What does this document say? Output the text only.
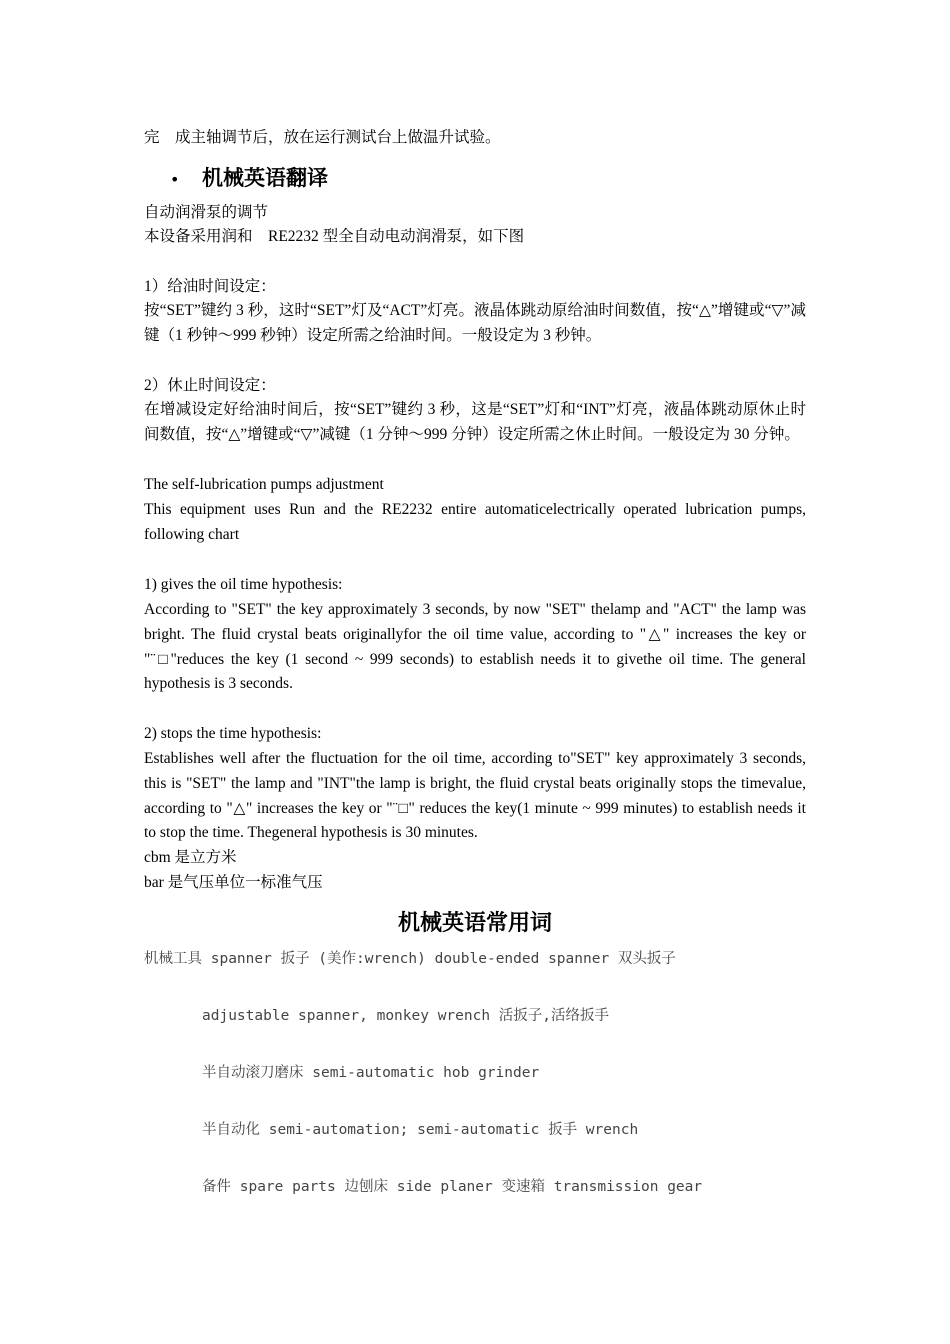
完　成主轴调节后，放在运行测试台上做温升试验。
• 机械英语翻译
自动润滑泵的调节
本设备采用润和　RE2232 型全自动电动润滑泵，如下图
1）给油时间设定：
按“SET”键约 3 秒，这时“SET”灯及“ACT”灯亮。液晶体跳动原给油时间数值，按“△”增键或“▽”减键（1 秒钟～999 秒钟）设定所需之给油时间。一般设定为 3 秒钟。
2）休止时间设定：
在增减设定好给油时间后，按“SET”键约 3 秒，这是“SET”灯和“INT”灯亮，液晶体跳动原休止时间数值，按“△”增键或“▽”减键（1 分钟～999 分钟）设定所需之休止时间。一般设定为 30 分钟。
The self-lubrication pumps adjustment
This equipment uses Run and the RE2232 entire automaticelectrically operated lubrication pumps, following chart
1) gives the oil time hypothesis:
According to "SET" the key approximately 3 seconds, by now "SET" thelamp and "ACT" the lamp was bright. The fluid crystal beats originallyfor the oil time value, according to "△" increases the key or "¨□"reduces the key (1 second ~ 999 seconds) to establish needs it to givethe oil time. The general hypothesis is 3 seconds.
2) stops the time hypothesis:
Establishes well after the fluctuation for the oil time, according to"SET" key approximately 3 seconds, this is "SET" the lamp and "INT"the lamp is bright, the fluid crystal beats originally stops the timevalue, according to "△" increases the key or "¨□" reduces the key(1 minute ~ 999 minutes) to establish needs it to stop the time. Thegeneral hypothesis is 30 minutes.
cbm 是立方米
bar 是气压单位一标准气压
机械英语常用词
机械工具 spanner 扳子 (美作:wrench) double-ended spanner 双头扳子
adjustable spanner, monkey wrench 活扳子,活络扳手
半自动滚刀磨床 semi-automatic hob grinder
半自动化 semi-automation; semi-automatic 扳手 wrench
备件 spare parts 边刨床 side planer 变速箱 transmission gear
